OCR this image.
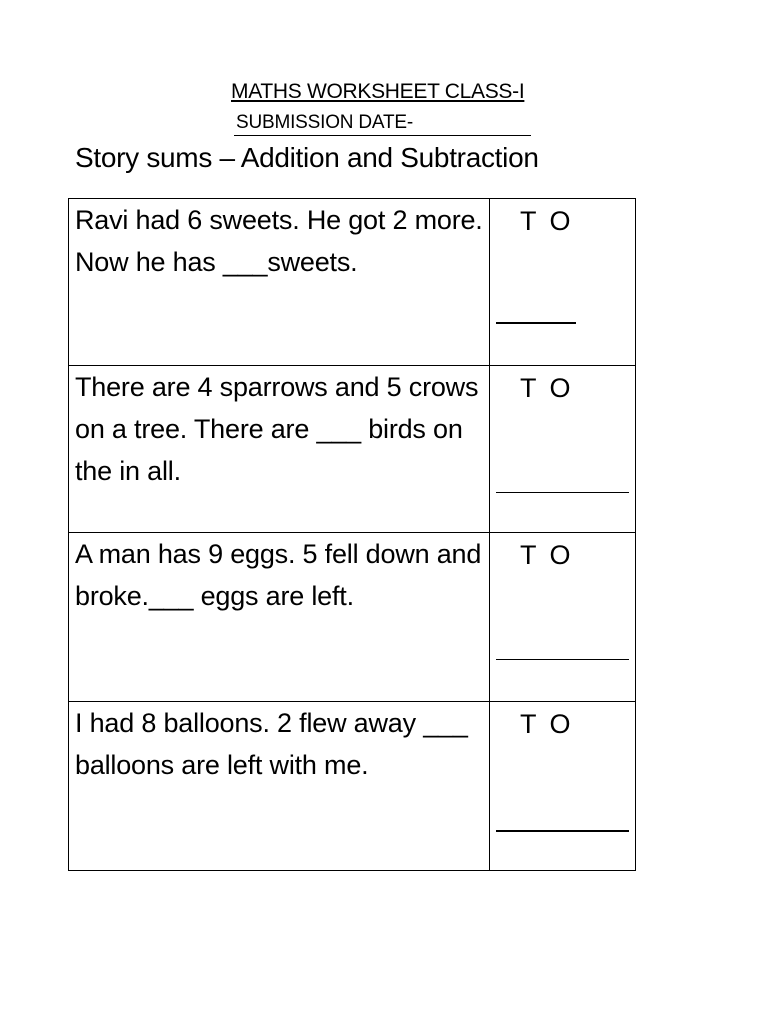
MATHS WORKSHEET CLASS-I
SUBMISSION DATE-
Story sums – Addition and Subtraction
Ravi had 6 sweets. He got 2 more. Now he has ___sweets.	T O

There are 4 sparrows and 5 crows on a tree. There are ___ birds on the in all.	T O

A man has 9 eggs. 5 fell down and broke.___ eggs are left.	T O

I had 8 balloons. 2 flew away ___ balloons are left with me.	T O
